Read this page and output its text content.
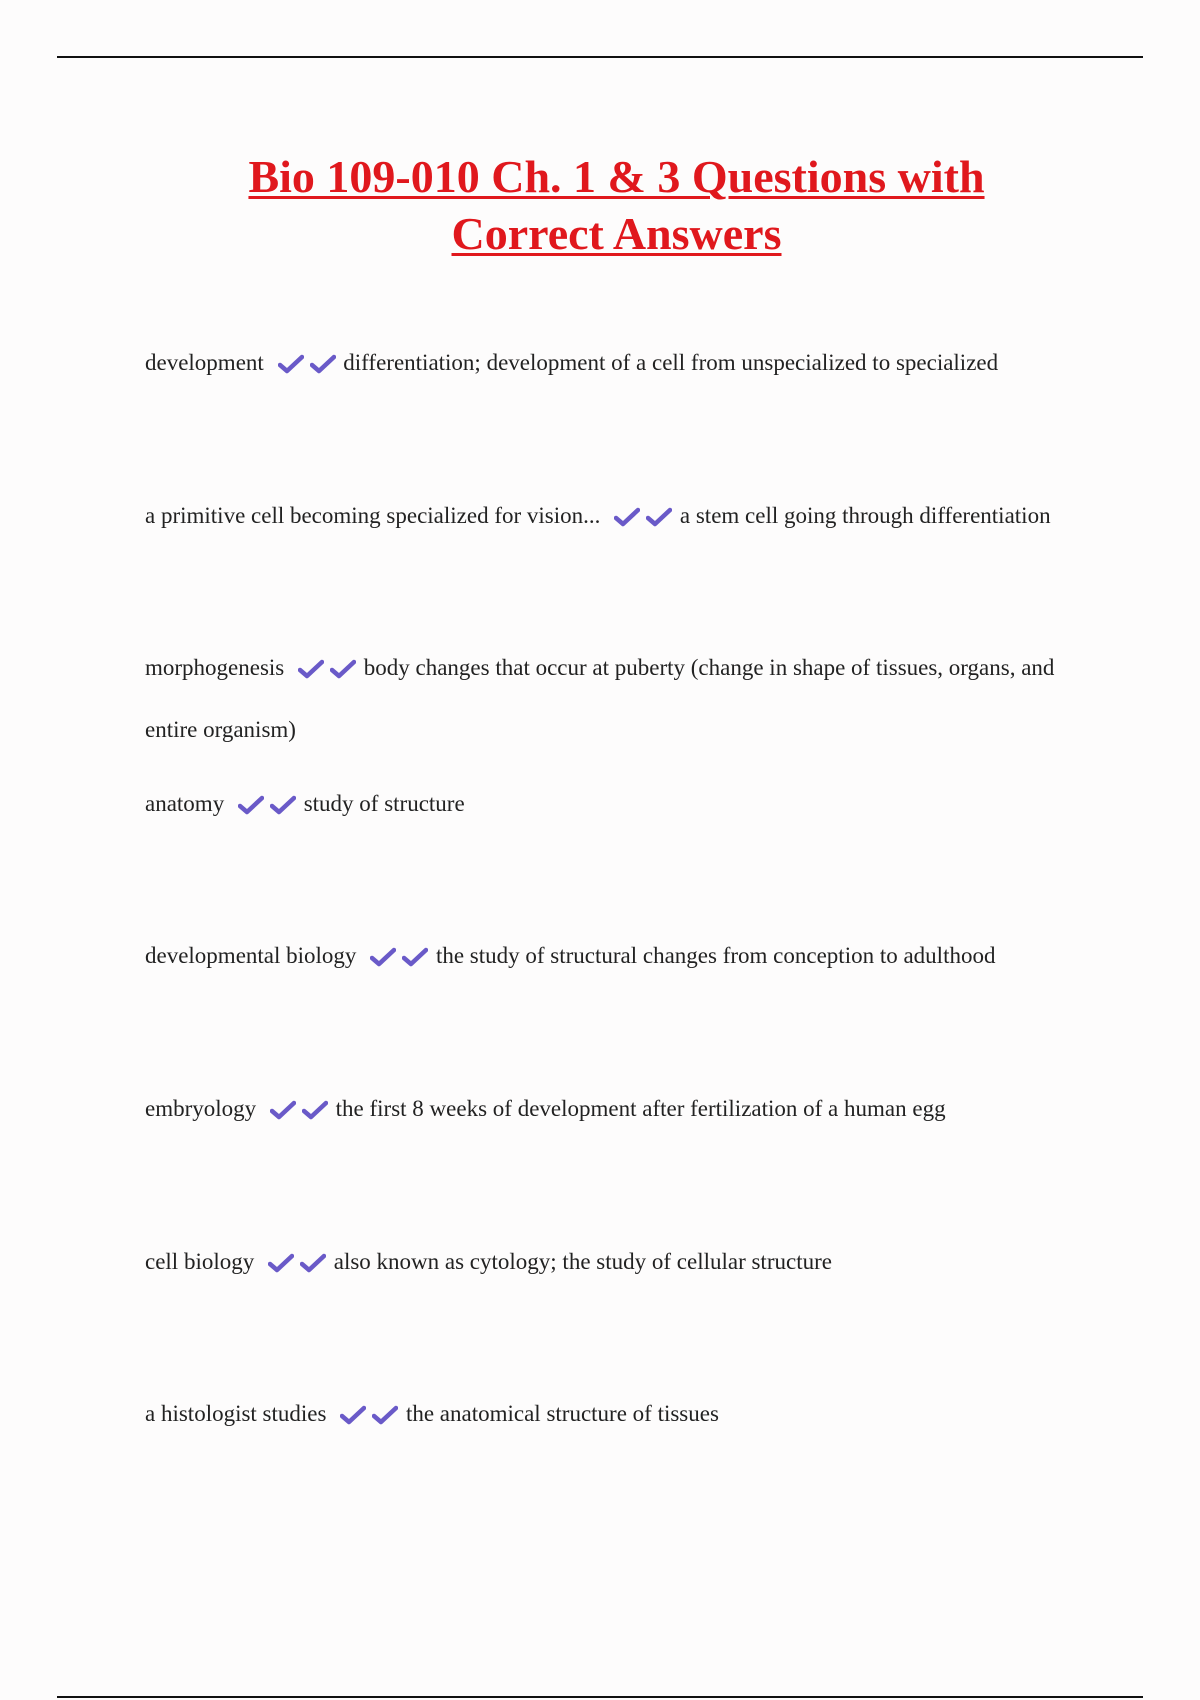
Bio 109-010 Ch. 1 & 3 Questions with
Correct Answers
development	differentiation; development of a cell from unspecialized to specialized
a primitive cell becoming specialized for vision...	a stem cell going through differentiation
morphogenesis	body changes that occur at puberty (change in shape of tissues, organs, and entire organism)
anatomy	study of structure
developmental biology	the study of structural changes from conception to adulthood
embryology	the first 8 weeks of development after fertilization of a human egg
cell biology	also known as cytology; the study of cellular structure
a histologist studies	the anatomical structure of tissues
